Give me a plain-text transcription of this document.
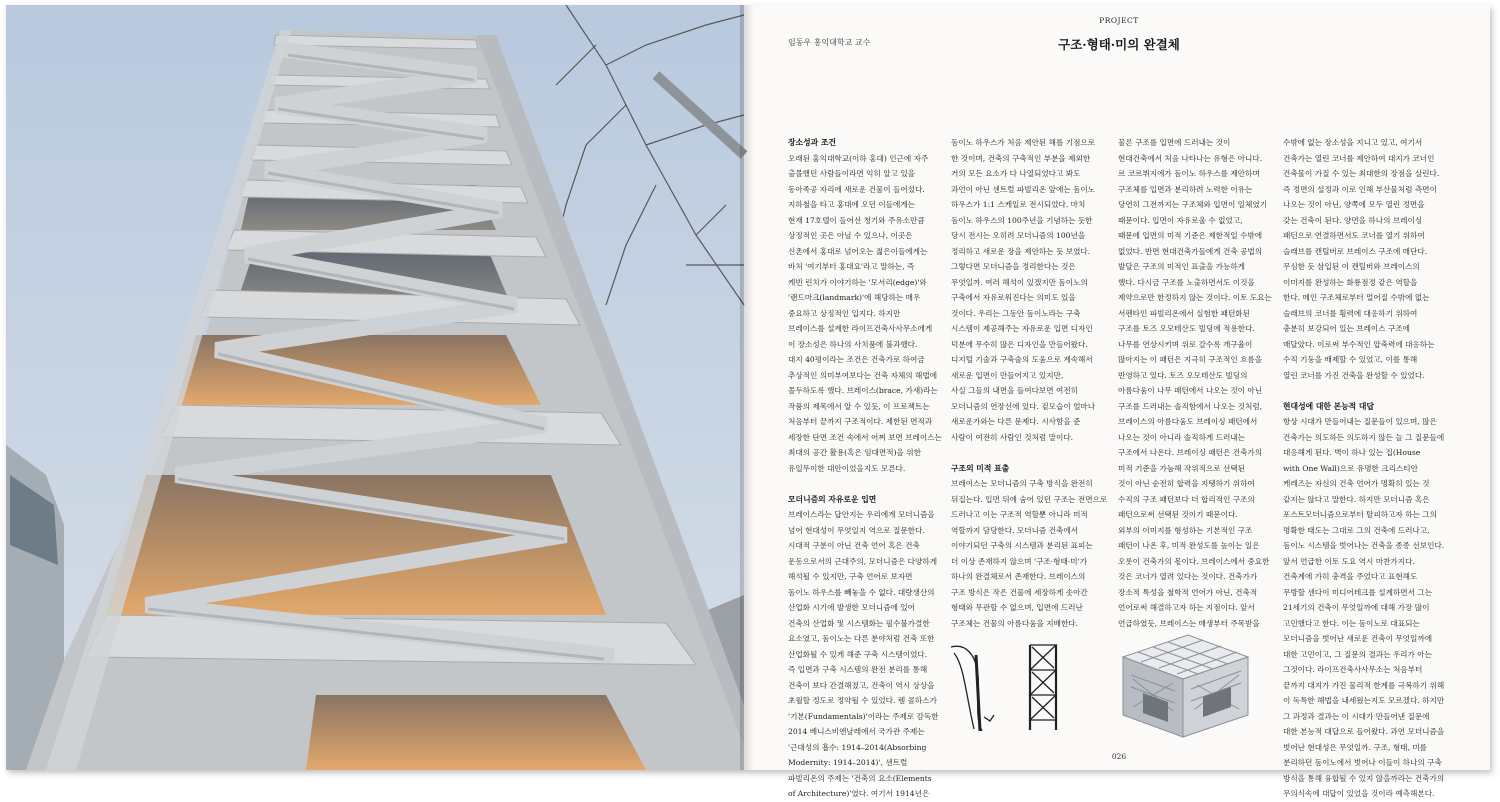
PROJECT
임동우 홍익대학교 교수	구조·형태·미의 완결체
장소성과 조건

오래된 홍익대학교(이하 홍대) 인근에 자주

출몰했던 사람들이라면 익히 알고 있을

동아족공 자리에 새로운 건물이 들어섰다.

지하철을 타고 홍대에 오던 이들에게는

현재 17호텔이 들어선 청기와 주유소만큼

상징적인 곳은 아닐 수 있으나, 이곳은

신촌에서 홍대로 넘어오는 젊은이들에게는

바처 '여기부터 홍대요'라고 말하는, 즉

케빈 린치가 이야기하는 '모서리(edge)'와

'랜드마크(landmark)'에 해당하는 매우

중요하고 상징적인 입지다. 하지만

브레이스를 설계한 라이프건축사사무소에게

이 장소성은 하나의 사치품에 불과했다.

대지 40평이라는 조건은 건축가로 하여금

추상적인 의미부여보다는 건축 자체의 해법에

몰두하도록 했다. 브레이스(brace, 가새)라는

작품의 제목에서 알 수 있듯, 이 프로젝트는

처음부터 끝까지 구조적이다. 제한된 면적과

세장한 단면 조건 속에서 어쩌 보면 브레이스는

최대의 공간 활용(혹은 임대면적)을 위한

유일무이한 대안이었을지도 모른다.

모더니즘의 자유로운 입면

브레이스라는 답안지는 우리에게 모더니즘을

넘어 현대성이 무엇일지 역으로 질문한다.

시대적 구분이 아닌 건축 언어 혹은 건축

운동으로서의 근대주의, 모더니즘은 다양하게

해석될 수 있지만, 구축 언어로 보자면

돔이노 하우스를 빼놓을 수 없다. 대량생산의

산업화 시기에 발생한 모더니즘에 있어

건축의 산업화 및 시스템화는 필수불가결한

요소였고, 돔이노는 다른 분야처럼 건축 또한

산업화될 수 있게 해준 구축 시스템이었다.

즉 입면과 구축 시스템의 완전 분리를 통해

건축이 보다 간결해졌고, 건축이 역시 상상을

초월할 정도로 정약될 수 있었다. 렘 콜하스가

'기본(Fundamentals)'이라는 주제로 감독한

2014 베니스비엔날레에서 국가관 주제는

'근대성의 흡수: 1914–2014(Absorbing

Modernity: 1914–2014)', 센트럴

파빌리온의 주제는 '건축의 요소(Elements

of Architecture)'였다. 여기서 1914년은

돔이노 하우스가 처음 제안된 해를 기점으로

한 것이며, 건축의 구축적인 부분을 제외한

거의 모든 요소가 다 나열되었다고 봐도

과언이 아닌 센트럴 파빌리온 앞에는 돔이노

하우스가 1:1 스케일로 전시되었다. 마치

돔이노 하우스의 100주년을 기념하는 듯한

당시 전시는 오히려 모더니즘의 100년을

정리하고 새로운 장을 제안하는 듯 보였다.

그렇다면 모더니즘을 정리한다는 것은

무엇일까. 여러 해석이 있겠지만 돔이노의

구축에서 자유로워진다는 의미도 있을

것이다. 우리는 그동안 돔이노라는 구축

시스템이 제공해주는 자유로운 입면 디자인

덕분에 무수히 많은 디자인을 만들어왔다.

디지털 기술과 구축술의 도움으로 계속해서

새로운 입면이 만들어지고 있지만,

사실 그들의 내면을 들여다보면 여전히

모더니즘의 연장선에 있다. 겉모습이 얼마나

새로운가와는 다른 문제다. 시사함을 준

사람이 여전히 사람인 것처럼 말이다.

구조의 미적 표출

브레이스는 모더니즘의 구축 방식을 완전히

뒤집는다. 입면 뒤에 숨어 있던 구조는 전면으로

드러나고 이는 구조적 역할뿐 아니라 미적

역할까지 담당한다. 모더니즘 건축에서

이야기되던 구축의 시스템과 분리된 표피는

더 이상 존재하지 않으며 '구조·형태·미'가

하나의 완결체로서 존재한다. 브레이스의

구조 방식은 작은 건물에 세장하게 솟아간

형태와 무관할 수 없으며, 입면에 드러난

구조체는 건물의 아름다움을 지배한다.

물론 구조를 입면에 드러내는 것이

현대건축에서 처음 나타나는 유형은 아니다.

르 코르뷔지에가 돔이노 하우스를 제안하며

구조체를 입면과 분리하려 노력한 이유는

당연히 그전까지는 구조체와 입면이 일체였기

때문이다. 입면이 자유로울 수 없었고,

때문에 입면의 미적 기준은 제한적일 수밖에

없었다. 반면 현대건축가들에게 건축 공법의

발달은 구조의 미적인 표출을 가능하게

했다. 다시금 구조를 노출하면서도 이것을

제약으로만 한정하지 않는 것이다. 이토 도요는

서펜타인 파빌리온에서 실험한 패턴화된

구조를 토즈 오모테산도 빌딩에 적용한다.

나무를 연상시키며 위로 갈수록 개구율이

많아지는 이 패턴은 지극히 구조적인 흐름을

반영하고 있다. 토즈 오모테산도 빌딩의

아름다움이 나무 패턴에서 나오는 것이 아닌

구조를 드러내는 솔직함에서 나오는 것처럼,

브레이스의 아름다움도 브레이싱 패턴에서

나오는 것이 아니라 솔직하게 드러내는

구조에서 나온다. 브레이싱 패턴은 건축가의

미적 기준을 가늠해 작위적으로 선택된

것이 아닌 순전히 합력을 지탱하기 위하여

수직의 구조 패턴보다 더 합리적인 구조의

패턴으로써 선택된 것이기 때문이다.

외부의 이미지를 형성하는 기본적인 구조

패턴이 나온 후, 미적 완성도를 높이는 일은

오롯이 건축가의 몫이다. 브레이스에서 중요한

것은 코너가 열려 있다는 것이다. 건축가가

장소적 특성을 철학적 언어가 아닌, 건축적

언어로써 해결하고자 하는 지점이다. 앞서

언급하였듯, 브레이스는 매생부터 주목받을

수밖에 없는 장소성을 지니고 있고, 여기서

건축가는 열린 코너를 제안하여 대지가 코너인

건축물이 가질 수 있는 최대한의 장점을 살린다.

즉 정면의 설정과 이로 인해 부산물처럼 측면이

나오는 것이 아닌, 양쪽에 모두 열린 정면을

갖는 건축이 된다. 양면을 하나의 브레이싱

패턴으로 연결하면서도 코너를 열기 위하여

슬래브를 캔틸버로 브레이스 구조에 매단다.

무심한 듯 삼입된 이 캔틸버와 브레이스의

이미지를 완성하는 화룡점정 같은 역할을

한다. 메인 구조체로부터 멀어질 수밖에 없는

슬래브의 코너를 횡력에 대응하기 위하여

충분히 보강되어 있는 브레이스 구조에

매달았다. 이로써 부수적인 압축력에 대응하는

수직 기둥을 배제할 수 있었고, 이를 통해

열린 코너를 가진 건축을 완성할 수 있었다.

현대성에 대한 본능적 대답

항상 시대가 만들어내는 질문들이 있으며, 많은

건축가는 의도하든 의도하지 않든 늘 그 질문들에

대응해게 된다. 벽이 하나 있는 집(House

with One Wall)으로 유명한 크리스티안

케레즈는 자신의 건축 언어가 명확히 있는 것

같지는 않다고 말한다. 하지만 모더니즘 혹은

포스트모더니즘으로부터 탈피하고자 하는 그의

명확한 태도는 그대로 그의 건축에 드러나고,

돔이노 시스템을 벗어나는 건축을 종종 선보인다.

앞서 언급한 이토 도요 역시 마찬가지다.

건축계에 가히 충격을 주었다고 표현해도

무방할 센다이 미디어테크를 설계하면서 그는

21세기의 건축이 무엇일까에 대해 가장 많이

고민했다고 한다. 이는 돔이노로 대표되는

모더니즘을 벗어난 새로운 건축이 무엇일까에

대한 고민이고, 그 질문의 결과는 우리가 아는

그것이다. 라이프건축사사무소는 처음부터

끝까지 대지가 가진 물리적 한계를 극복하기 위해

이 독특한 해법을 내세웠는지도 모르겠다. 하지만

그 과정과 결과는 이 시대가 만들어낸 질문에

대한 본능적 대답으로 들어왔다. 과연 모더니즘을

벗어난 현대성은 무엇일까. 구조, 형태, 미를

분리하던 돔이노에서 벗어나 이들이 하나의 구축

방식을 통해 융합될 수 있지 않을까라는 건축가의

무의식속에 대답이 있었을 것이라 예측해본다.

026
